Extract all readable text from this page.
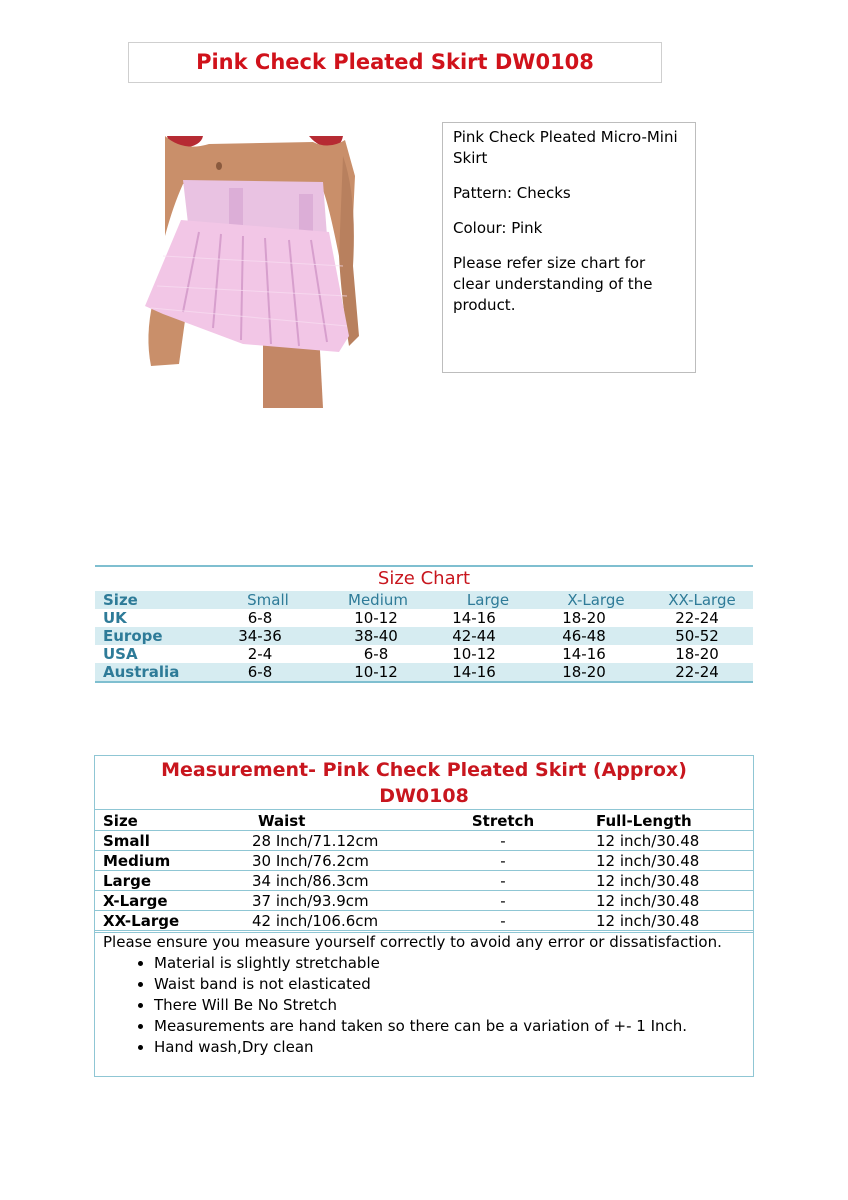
Pink Check Pleated Skirt DW0108

Pink Check Pleated Micro-Mini Skirt

Pattern: Checks

Colour: Pink

Please refer size chart for clear understanding of the product.

Size Chart
Size	Small	Medium	Large	X-Large	XX-Large
UK	6-8	10-12	14-16	18-20	22-24
Europe	34-36	38-40	42-44	46-48	50-52
USA	2-4	6-8	10-12	14-16	18-20
Australia	6-8	10-12	14-16	18-20	22-24
Measurement- Pink Check Pleated Skirt (Approx)
DW0108
Size	Waist	Stretch	Full-Length
Small	28 Inch/71.12cm	-	12 inch/30.48
Medium	30 Inch/76.2cm	-	12 inch/30.48
Large	34 inch/86.3cm	-	12 inch/30.48
X-Large	37 inch/93.9cm	-	12 inch/30.48
XX-Large	42 inch/106.6cm	-	12 inch/30.48
Please ensure you measure yourself correctly to avoid any error or dissatisfaction.
• Material is slightly stretchable
• Waist band is not elasticated
• There Will Be No Stretch
• Measurements are hand taken so there can be a variation of +- 1 Inch.
• Hand wash,Dry clean
